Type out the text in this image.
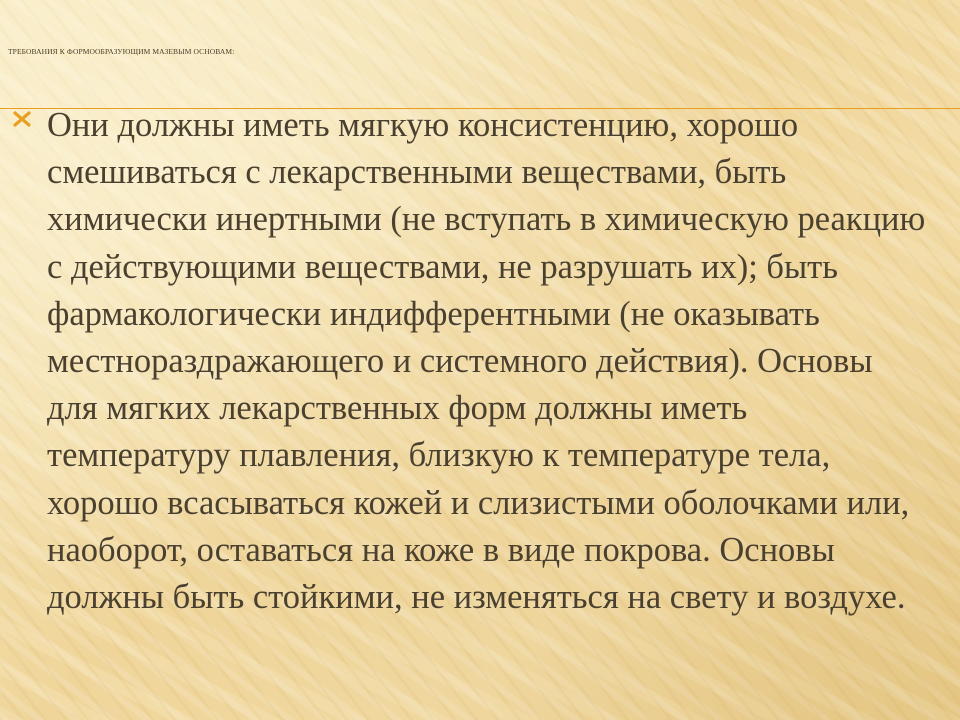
ТРЕБОВАНИЯ К ФОРМООБРАЗУЮЩИМ МАЗЕВЫМ ОСНОВАМ:
Они должны иметь мягкую консистенцию, хорошо смешиваться с лекарственными веществами, быть химически инертными (не вступать в химическую реакцию с действующими веществами, не разрушать их); быть фармакологически индифферентными (не оказывать местнораздражающего и системного действия). Основы для мягких лекарственных форм должны иметь температуру плавления, близкую к температуре тела, хорошо всасываться кожей и слизистыми оболочками или, наоборот, оставаться на коже в виде покрова. Основы должны быть стойкими, не изменяться на свету и воздухе.
